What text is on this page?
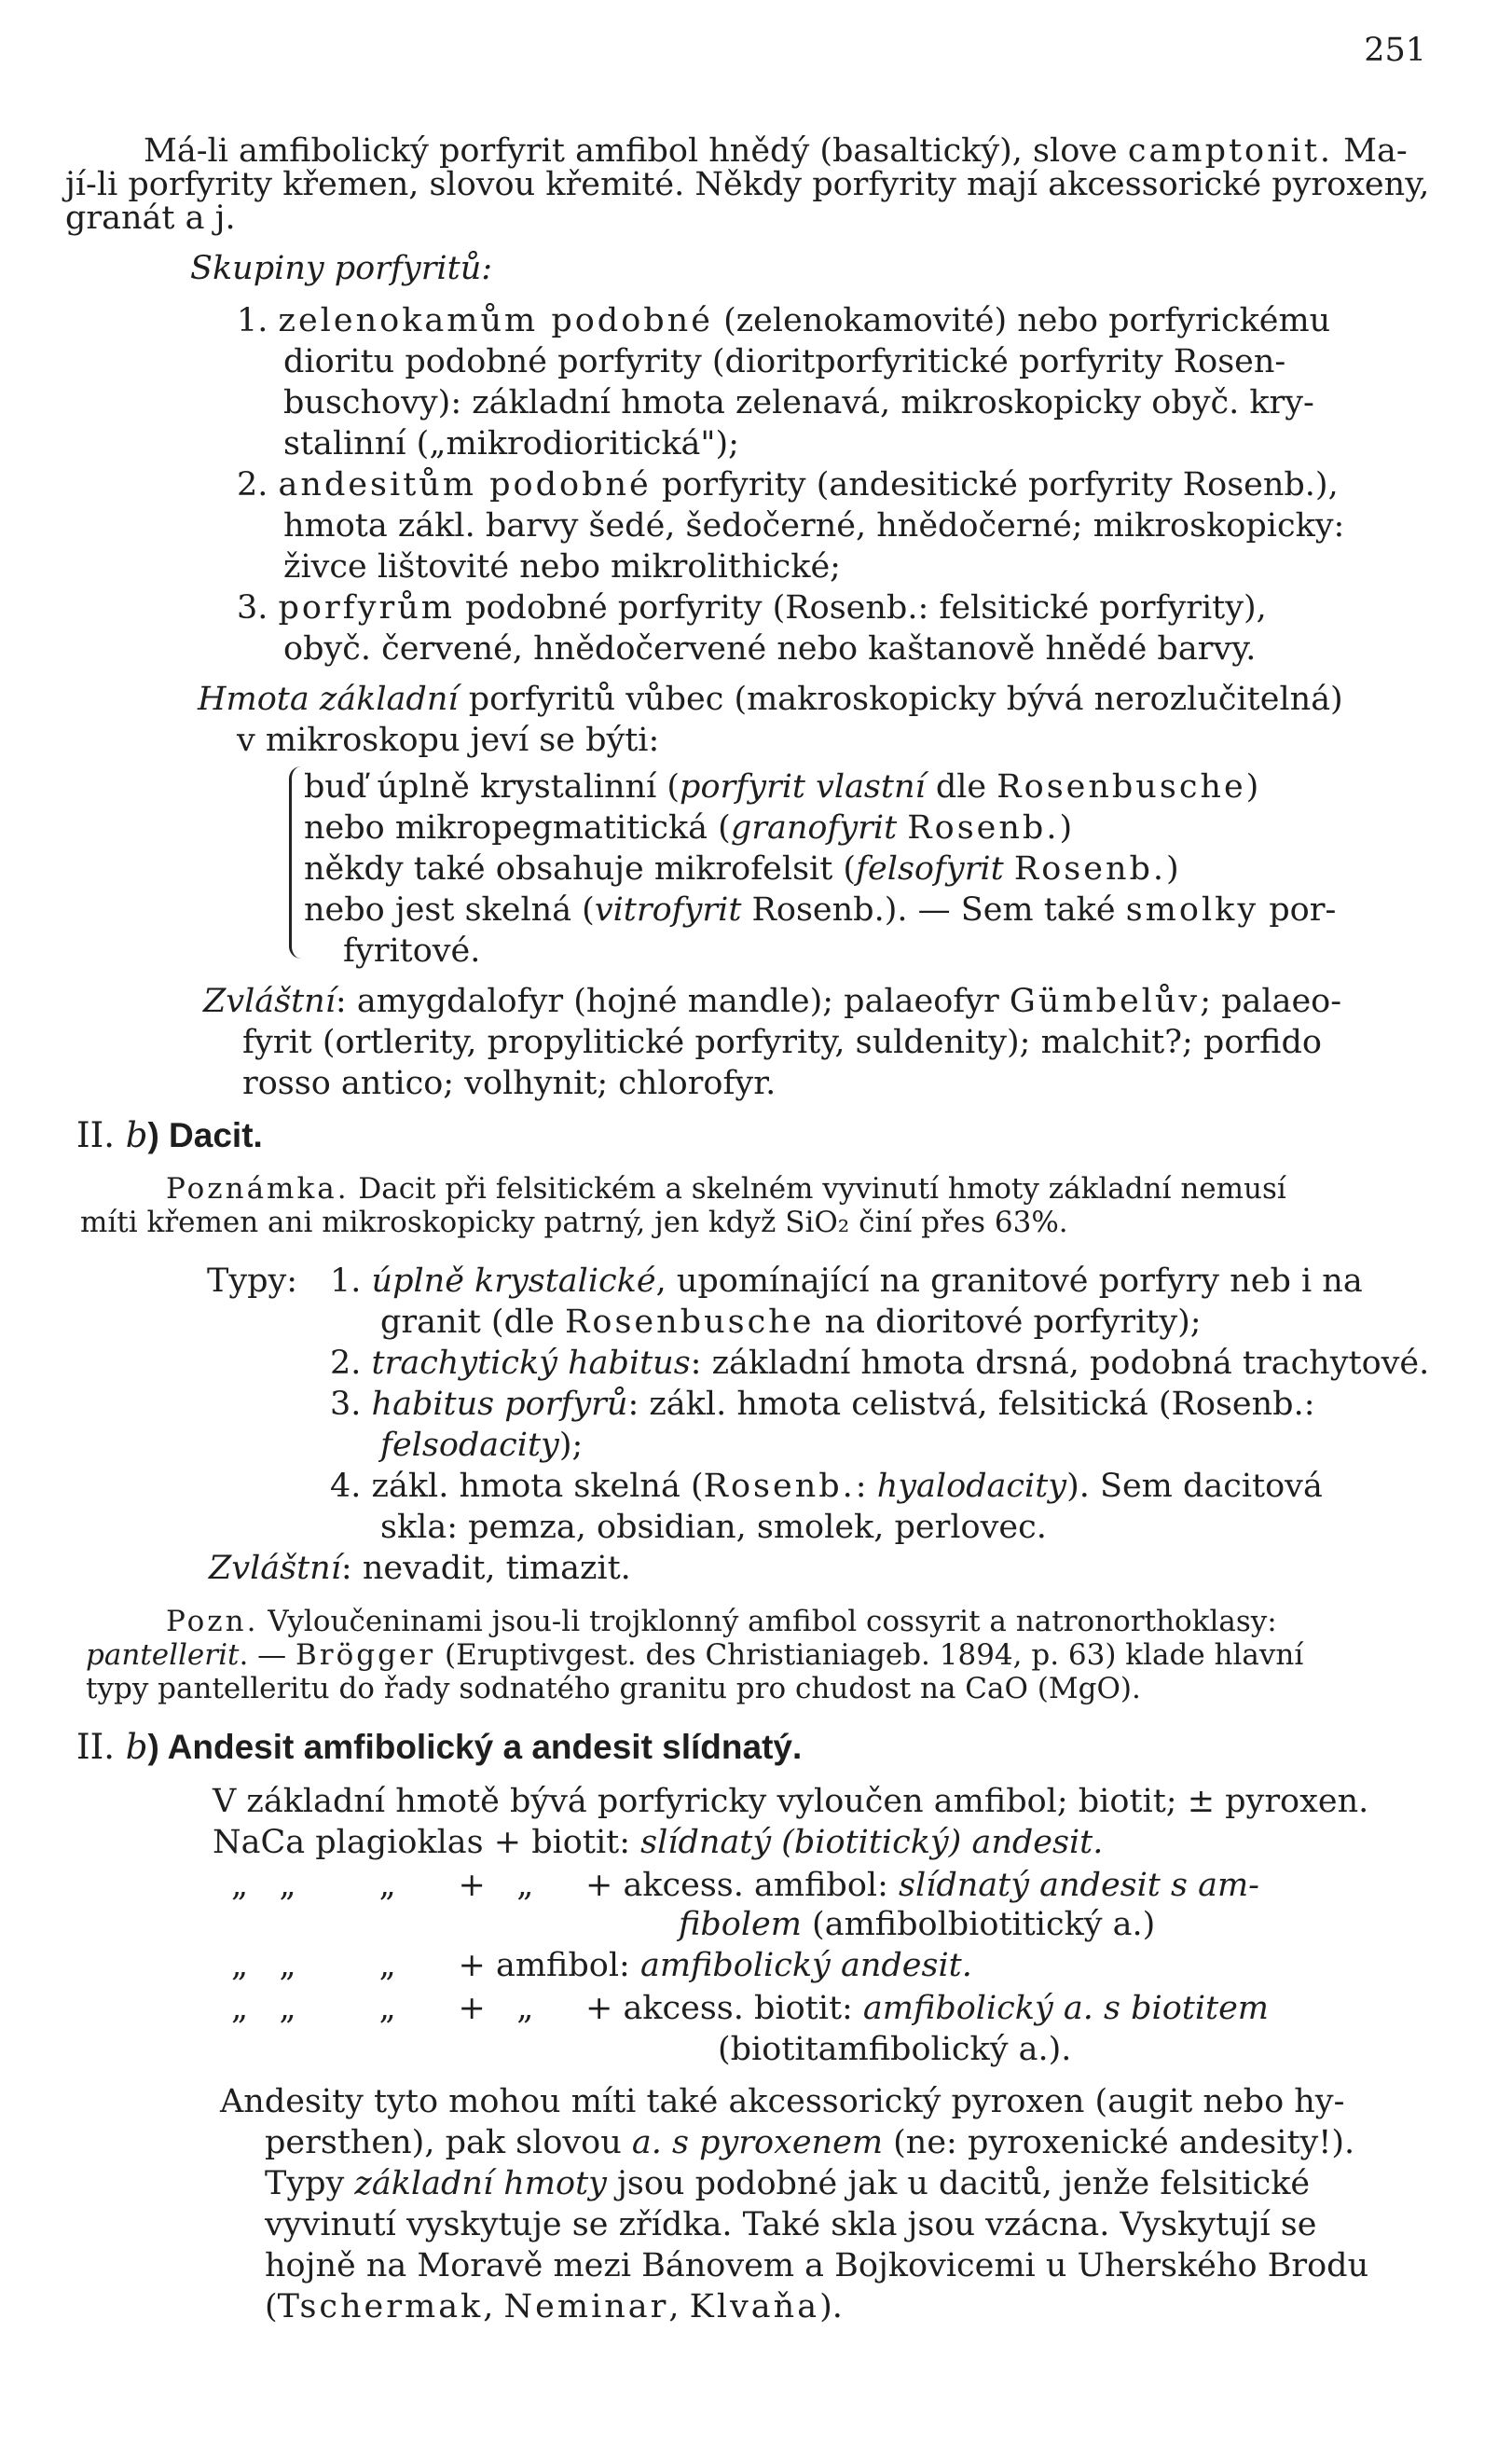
251
Má-li amfibolický porfyrit amfibol hnědý (basaltický), slove camptonit. Ma-
jí-li porfyrity křemen, slovou křemité. Někdy porfyrity mají akcessorické pyroxeny,
granát a j.
Skupiny porfyritů:
1. zelenokamům podobné (zelenokamovité) nebo porfyrickému
dioritu podobné porfyrity (dioritporfyritické porfyrity Rosen-
buschovy): základní hmota zelenavá, mikroskopicky obyč. kry-
stalinní („mikrodioritická");
2. andesitům podobné porfyrity (andesitické porfyrity Rosenb.),
hmota zákl. barvy šedé, šedočerné, hnědočerné; mikroskopicky:
živce lištovité nebo mikrolithické;
3. porfyrům podobné porfyrity (Rosenb.: felsitické porfyrity),
obyč. červené, hnědočervené nebo kaštanově hnědé barvy.
Hmota základní porfyritů vůbec (makroskopicky bývá nerozlučitelná)
v mikroskopu jeví se býti:
buď úplně krystalinní (porfyrit vlastní dle Rosenbusche)
nebo mikropegmatitická (granofyrit Rosenb.)
někdy také obsahuje mikrofelsit (felsofyrit Rosenb.)
nebo jest skelná (vitrofyrit Rosenb.). — Sem také smolky por-
fyritové.
Zvláštní: amygdalofyr (hojné mandle); palaeofyr Gümbelův; palaeo-
fyrit (ortlerity, propylitické porfyrity, suldenity); malchit?; porfido
rosso antico; volhynit; chlorofyr.
II. b) Dacit.
Poznámka. Dacit při felsitickém a skelném vyvinutí hmoty základní nemusí
míti křemen ani mikroskopicky patrný, jen když SiO₂ činí přes 63%.
Typy: 1. úplně krystalické, upomínající na granitové porfyry neb i na
granit (dle Rosenbusche na dioritové porfyrity);
2. trachytický habitus: základní hmota drsná, podobná trachytové.
3. habitus porfyrů: zákl. hmota celistvá, felsitická (Rosenb.:
felsodacity);
4. zákl. hmota skelná (Rosenb.: hyalodacity). Sem dacitová
skla: pemza, obsidian, smolek, perlovec.
Zvláštní: nevadit, timazit.
Pozn. Vyloučeninami jsou-li trojklonný amfibol cossyrit a natronorthoklasy:
pantellerit. — Brögger (Eruptivgest. des Christianiageb. 1894, p. 63) klade hlavní
typy pantelleritu do řady sodnatého granitu pro chudost na CaO (MgO).
II. b) Andesit amfibolický a andesit slídnatý.
V základní hmotě bývá porfyricky vyloučen amfibol; biotit; ± pyroxen.
NaCa plagioklas + biotit: slídnatý (biotitický) andesit.
„   „        „      +   „     + akcess. amfibol: slídnatý andesit s am-
fibolem (amfibolbiotitický a.)
„   „        „      + amfibol: amfibolický andesit.
„   „        „      +   „     + akcess. biotit: amfibolický a. s biotitem
(biotitamfibolický a.).
Andesity tyto mohou míti také akcessorický pyroxen (augit nebo hy-
persthen), pak slovou a. s pyroxenem (ne: pyroxenické andesity!).
Typy základní hmoty jsou podobné jak u dacitů, jenže felsitické
vyvinutí vyskytuje se zřídka. Také skla jsou vzácna. Vyskytují se
hojně na Moravě mezi Bánovem a Bojkovicemi u Uherského Brodu
(Tschermak, Neminar, Klvaňa).
